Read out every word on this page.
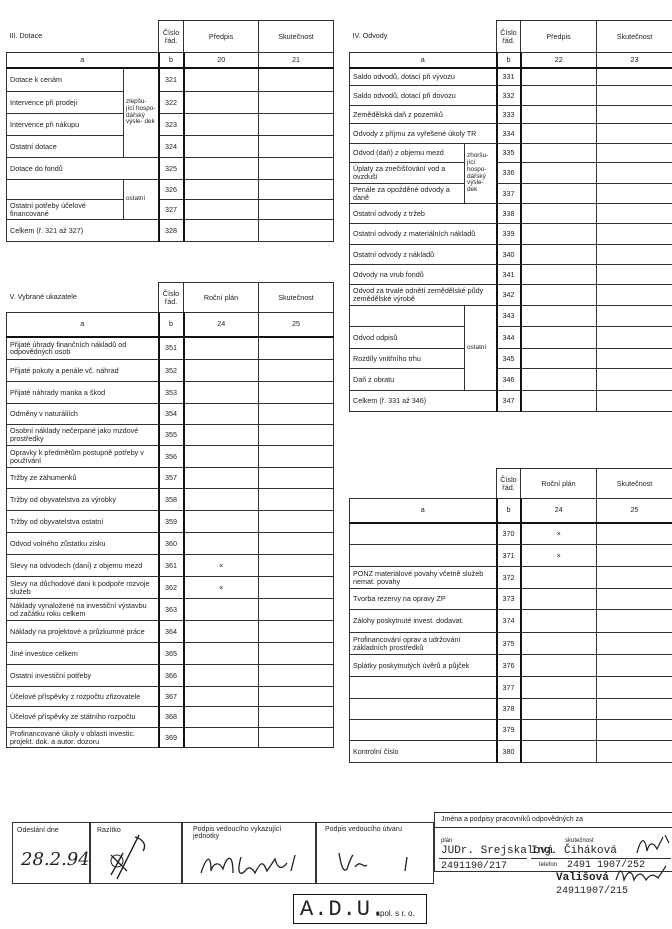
III. Dotace		Číslo řád.	Předpis	Skutečnost
a		b	20	21
Dotace k cenám	zlepšu- jící hospo- dářský výsle- dek	321		
Intervence při prodeji		322		
Intervence při nákupu		323		
Ostatní dotace		324		
Dotace do fondů		325		
	ostatní	326		
Ostatní potřeby účelové financované		327		
Celkem (ř. 321 až 327)		328		
IV. Odvody		Číslo řád.	Předpis	Skutečnost
a		b	22	23
Saldo odvodů, dotací při vývozu		331		
Saldo odvodů, dotací při dovozu		332		
Zemědělská daň z pozemků		333		
Odvody z příjmu za vyřešené úkoly TR		334		
Odvod (daň) z objemu mezd	zhoršu- jící hospo- dářský výsle- dek	335		
Úplaty za znečišťování vod a ovzduší		336		
Penále za opožděné odvody a daně		337		
Ostatní odvody z tržeb		338		
Ostatní odvody z materiálních nákladů		339		
Ostatní odvody z nákladů		340		
Odvody na vrub fondů		341		
Odvod za trvalé odnětí zemědělské půdy zemědělské výrobě		342		
	ostatní	343		
Odvod odpisů		344		
Rozdíly vnitřního trhu		345		
Daň z obratu		346		
Celkem (ř. 331 až 346)		347		
V. Vybrané ukazatele	Číslo řád.	Roční plán	Skutečnost
a	b	24	25
Přijaté úhrady finančních nákladů od odpovědných osob	351		
Přijaté pokuty a penále vč. náhrad	352		
Přijaté náhrady manka a škod	353		
Odměny v naturáliích	354		
Osobní náklady nečerpané jako mzdové prostředky	355		
Opravky k předmětům postupně potřeby v používání	356		
Tržby ze záhumenků	357		
Tržby od obyvatelstva za výrobky	358		
Tržby od obyvatelstva ostatní	359		
Odvod volného zůstatku zisku	360		
Slevy na odvodech (daní) z objemu mezd	361	×	
Slevy na důchodové dani k podpoře rozvoje služeb	362	×	
Náklady vynaložené na investiční výstavbu od začátku roku celkem	363		
Náklady na projektové a průzkumné práce	364		
Jiné investice celkem	365		
Ostatní investiční potřeby	366		
Účelové příspěvky z rozpočtu zřizovatele	367		
Účelové příspěvky ze státního rozpočtu	368		
Profinancované úkoly v oblasti investic. projekt. dok. a autor. dozoru	369		
	Číslo řád.	Roční plán	Skutečnost
a	b	24	25
	370	×	
	371	×	
PONZ materiálové povahy včetně služeb nemat. povahy	372		
Tvorba rezervy na opravy ZP	373		
Zálohy poskytnuté invest. dodavat.	374		
Profinancování oprav a udržování základních prostředků	375		
Splátky poskytnutých úvěrů a půjček	376		
	377		
	378		
	379		
Kontrolní číslo	380		
Odeslání dne
28.2.94
Razítko	Podpis vedoucího vykazující jednotky
Podpis vedoucího útvaru
Jména a podpisy pracovníků odpovědných za
plán
JUDr. Srejskalová
2491190/217
skutečnost
Ing. Čiháková
telefon 2491 1907/252
Vališová
24911907/215
A.D.U.
spol. s r. o.
